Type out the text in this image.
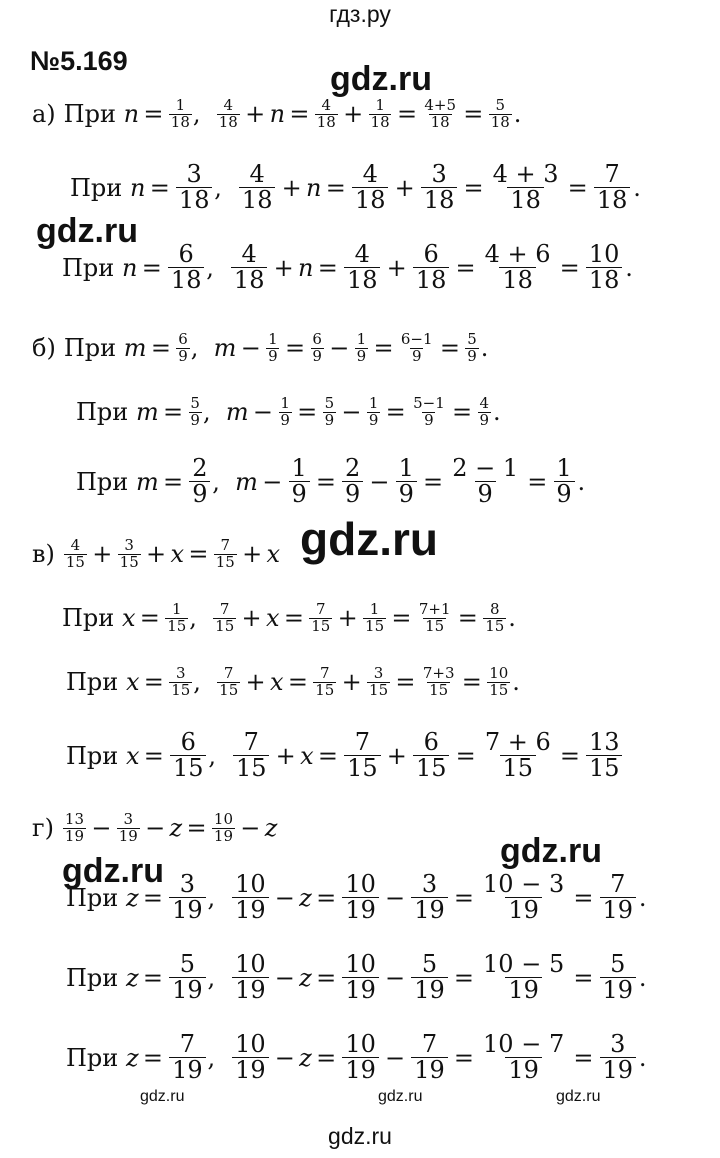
гдз.ру
№5.169	gdz.ru
gdz.ru
gdz.ru
gdz.ru
gdz.ru
gdz.ru	gdz.ru	gdz.ru
а) При
$n = \frac{1}{18}$ , $\frac{4}{18} + n = \frac{4}{18} + \frac{1}{18} = \frac{4+5}{18} = \frac{5}{18}$ .
При
$n = \frac{3}{18}$ , $\frac{4}{18} + n = \frac{4}{18} + \frac{3}{18} = \frac{4 + 3}{18} = \frac{7}{18}$ .
При
$n = \frac{6}{18}$ , $\frac{4}{18} + n = \frac{4}{18} + \frac{6}{18} = \frac{4 + 6}{18} = \frac{10}{18}$ .
б) При
$m = \frac{6}{9}$ , $m - \frac{1}{9} = \frac{6}{9} - \frac{1}{9} = \frac{6-1}{9} = \frac{5}{9}$ .
При
$m = \frac{5}{9}$ , $m - \frac{1}{9} = \frac{5}{9} - \frac{1}{9} = \frac{5-1}{9} = \frac{4}{9}$ .
При
$m = \frac{2}{9}$ , $m - \frac{1}{9} = \frac{2}{9} - \frac{1}{9} = \frac{2 - 1}{9} = \frac{1}{9}$ .
$в) \frac{4}{15} + \frac{3}{15} + x = \frac{7}{15} + x$
При
$x = \frac{1}{15}$ , $\frac{7}{15} + x = \frac{7}{15} + \frac{1}{15} = \frac{7+1}{15} = \frac{8}{15}$ .
При
$x = \frac{3}{15}$ , $\frac{7}{15} + x = \frac{7}{15} + \frac{3}{15} = \frac{7+3}{15} = \frac{10}{15}$ .
При
$x = \frac{6}{15}$ , $\frac{7}{15} + x = \frac{7}{15} + \frac{6}{15} = \frac{7 + 6}{15} = \frac{13}{15}$
$г) \frac{13}{19} - \frac{3}{19} - z = \frac{10}{19} - z$
При
$z = \frac{3}{19}$ , $\frac{10}{19} - z = \frac{10}{19} - \frac{3}{19} = \frac{10 - 3}{19} = \frac{7}{19}$ .
При
$z = \frac{5}{19}$ , $\frac{10}{19} - z = \frac{10}{19} - \frac{5}{19} = \frac{10 - 5}{19} = \frac{5}{19}$ .
При
$z = \frac{7}{19}$ , $\frac{10}{19} - z = \frac{10}{19} - \frac{7}{19} = \frac{10 - 7}{19} = \frac{3}{19}$ .
gdz.ru
